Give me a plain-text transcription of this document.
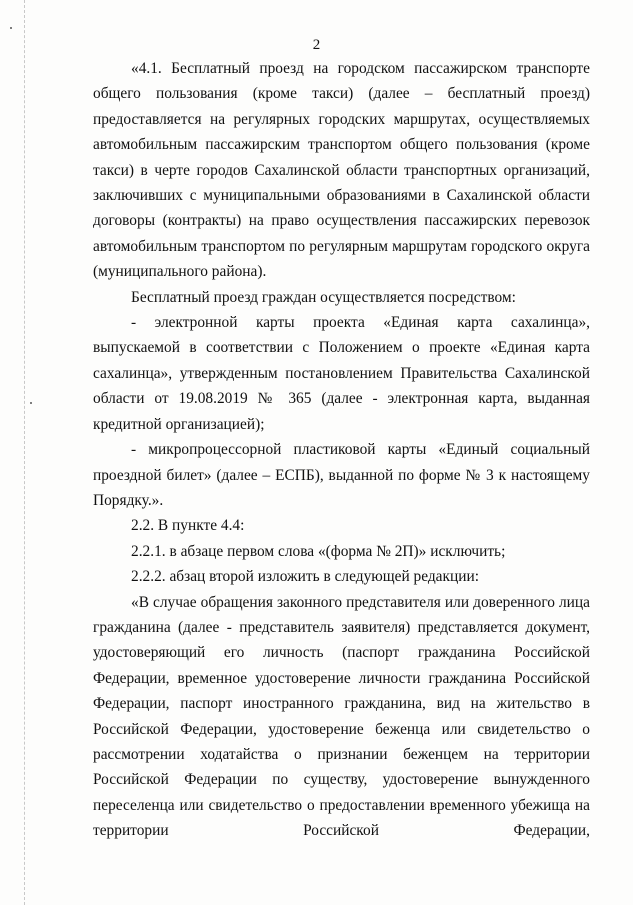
2

«4.1. Бесплатный проезд на городском пассажирском транспорте общего пользования (кроме такси) (далее – бесплатный проезд) предоставляется на регулярных городских маршрутах, осуществляемых автомобильным пассажирским транспортом общего пользования (кроме такси) в черте городов Сахалинской области транспортных организаций, заключивших с муниципальными образованиями в Сахалинской области договоры (контракты) на право осуществления пассажирских перевозок автомобильным транспортом по регулярным маршрутам городского округа (муниципального района).

Бесплатный проезд граждан осуществляется посредством:

- электронной карты проекта «Единая карта сахалинца», выпускаемой в соответствии с Положением о проекте «Единая карта сахалинца», утвержденным постановлением Правительства Сахалинской области от 19.08.2019 № 365 (далее - электронная карта, выданная кредитной организацией);

- микропроцессорной пластиковой карты «Единый социальный проездной билет» (далее – ЕСПБ), выданной по форме № 3 к настоящему Порядку.».

2.2. В пункте 4.4:

2.2.1. в абзаце первом слова «(форма № 2П)» исключить;

2.2.2. абзац второй изложить в следующей редакции:

«В случае обращения законного представителя или доверенного лица гражданина (далее - представитель заявителя) представляется документ, удостоверяющий его личность (паспорт гражданина Российской Федерации, временное удостоверение личности гражданина Российской Федерации, паспорт иностранного гражданина, вид на жительство в Российской Федерации, удостоверение беженца или свидетельство о рассмотрении ходатайства о признании беженцем на территории Российской Федерации по существу, удостоверение вынужденного переселенца или свидетельство о предоставлении временного убежища на территории Российской Федерации,
